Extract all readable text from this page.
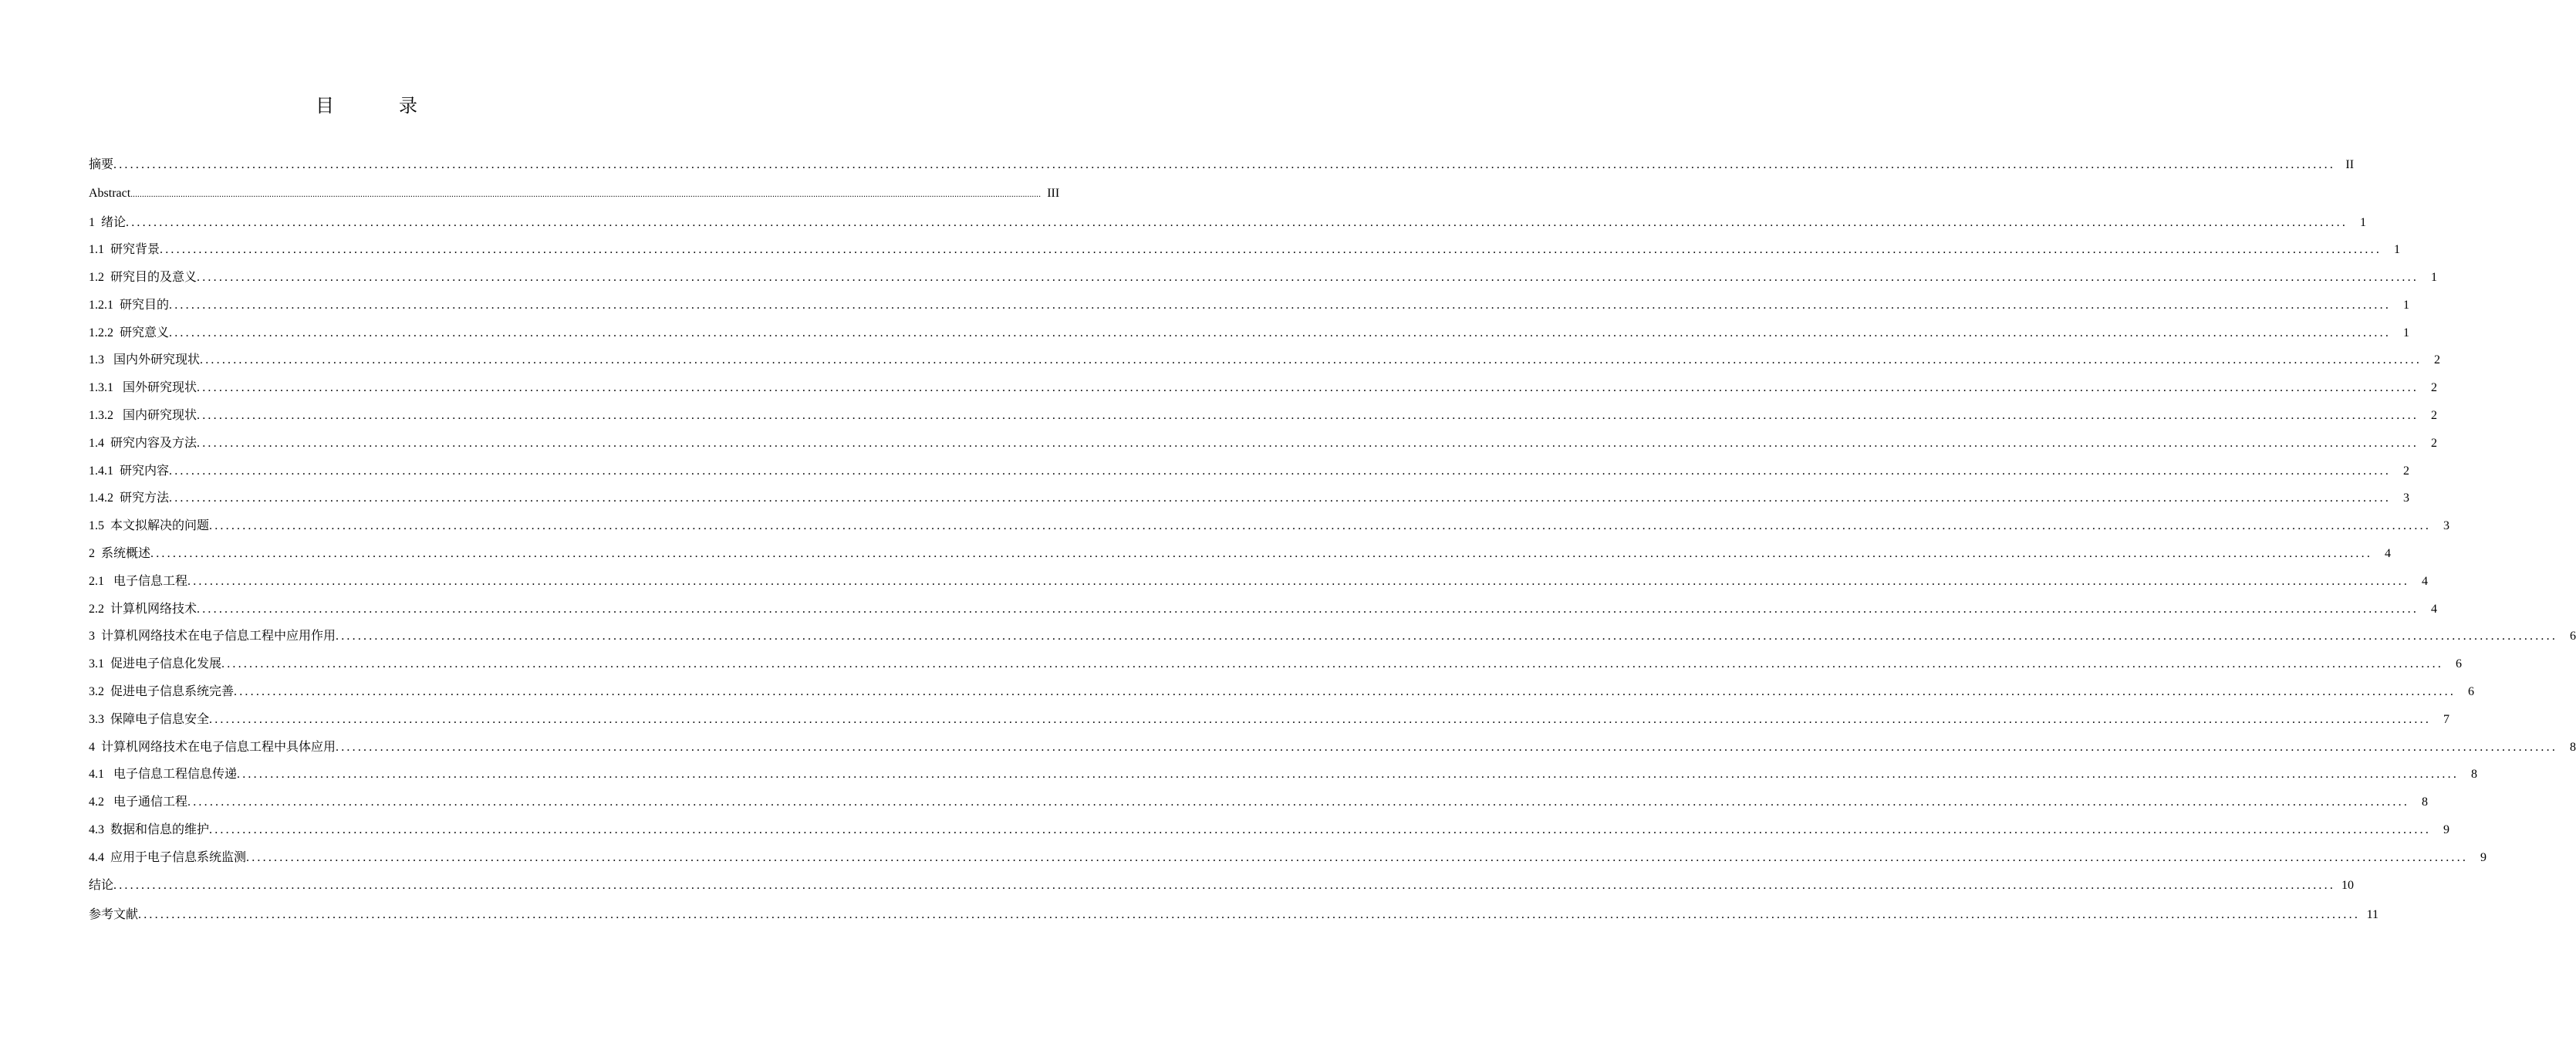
目　录
摘要 ................................................................................................................................................................................................................................................................................................................................................................................................................ II
Abstract ................................................................................................................................................................................................................................................................................................................................................................................................................ III
1  绪论 ................................................................................................................................................................................................................................................................................................................................................................................................................	1
1.1  研究背景 ................................................................................................................................................................................................................................................................................................................................................................................................................	1
1.2  研究目的及意义 ................................................................................................................................................................................................................................................................................................................................................................................................................	1
1.2.1  研究目的 ................................................................................................................................................................................................................................................................................................................................................................................................................	1
1.2.2  研究意义 ................................................................................................................................................................................................................................................................................................................................................................................................................	1
1.3   国内外研究现状 ................................................................................................................................................................................................................................................................................................................................................................................................................	2
1.3.1   国外研究现状 ................................................................................................................................................................................................................................................................................................................................................................................................................	2
1.3.2   国内研究现状 ................................................................................................................................................................................................................................................................................................................................................................................................................	2
1.4  研究内容及方法 ................................................................................................................................................................................................................................................................................................................................................................................................................	2
1.4.1  研究内容 ................................................................................................................................................................................................................................................................................................................................................................................................................	2
1.4.2  研究方法 ................................................................................................................................................................................................................................................................................................................................................................................................................	3
1.5  本文拟解决的问题 ................................................................................................................................................................................................................................................................................................................................................................................................................	3
2  系统概述 ................................................................................................................................................................................................................................................................................................................................................................................................................	4
2.1   电子信息工程 ................................................................................................................................................................................................................................................................................................................................................................................................................	4
2.2  计算机网络技术 ................................................................................................................................................................................................................................................................................................................................................................................................................	4
3  计算机网络技术在电子信息工程中应用作用 ................................................................................................................................................................................................................................................................................................................................................................................................................	6
3.1  促进电子信息化发展 ................................................................................................................................................................................................................................................................................................................................................................................................................	6
3.2  促进电子信息系统完善 ................................................................................................................................................................................................................................................................................................................................................................................................................	6
3.3  保障电子信息安全 ................................................................................................................................................................................................................................................................................................................................................................................................................	7
4  计算机网络技术在电子信息工程中具体应用 ................................................................................................................................................................................................................................................................................................................................................................................................................	8
4.1   电子信息工程信息传递 ................................................................................................................................................................................................................................................................................................................................................................................................................	8
4.2   电子通信工程 ................................................................................................................................................................................................................................................................................................................................................................................................................	8
4.3  数据和信息的维护 ................................................................................................................................................................................................................................................................................................................................................................................................................	9
4.4  应用于电子信息系统监测 ................................................................................................................................................................................................................................................................................................................................................................................................................	9
结论 ................................................................................................................................................................................................................................................................................................................................................................................................................ 10
参考文献 ................................................................................................................................................................................................................................................................................................................................................................................................................ 11
